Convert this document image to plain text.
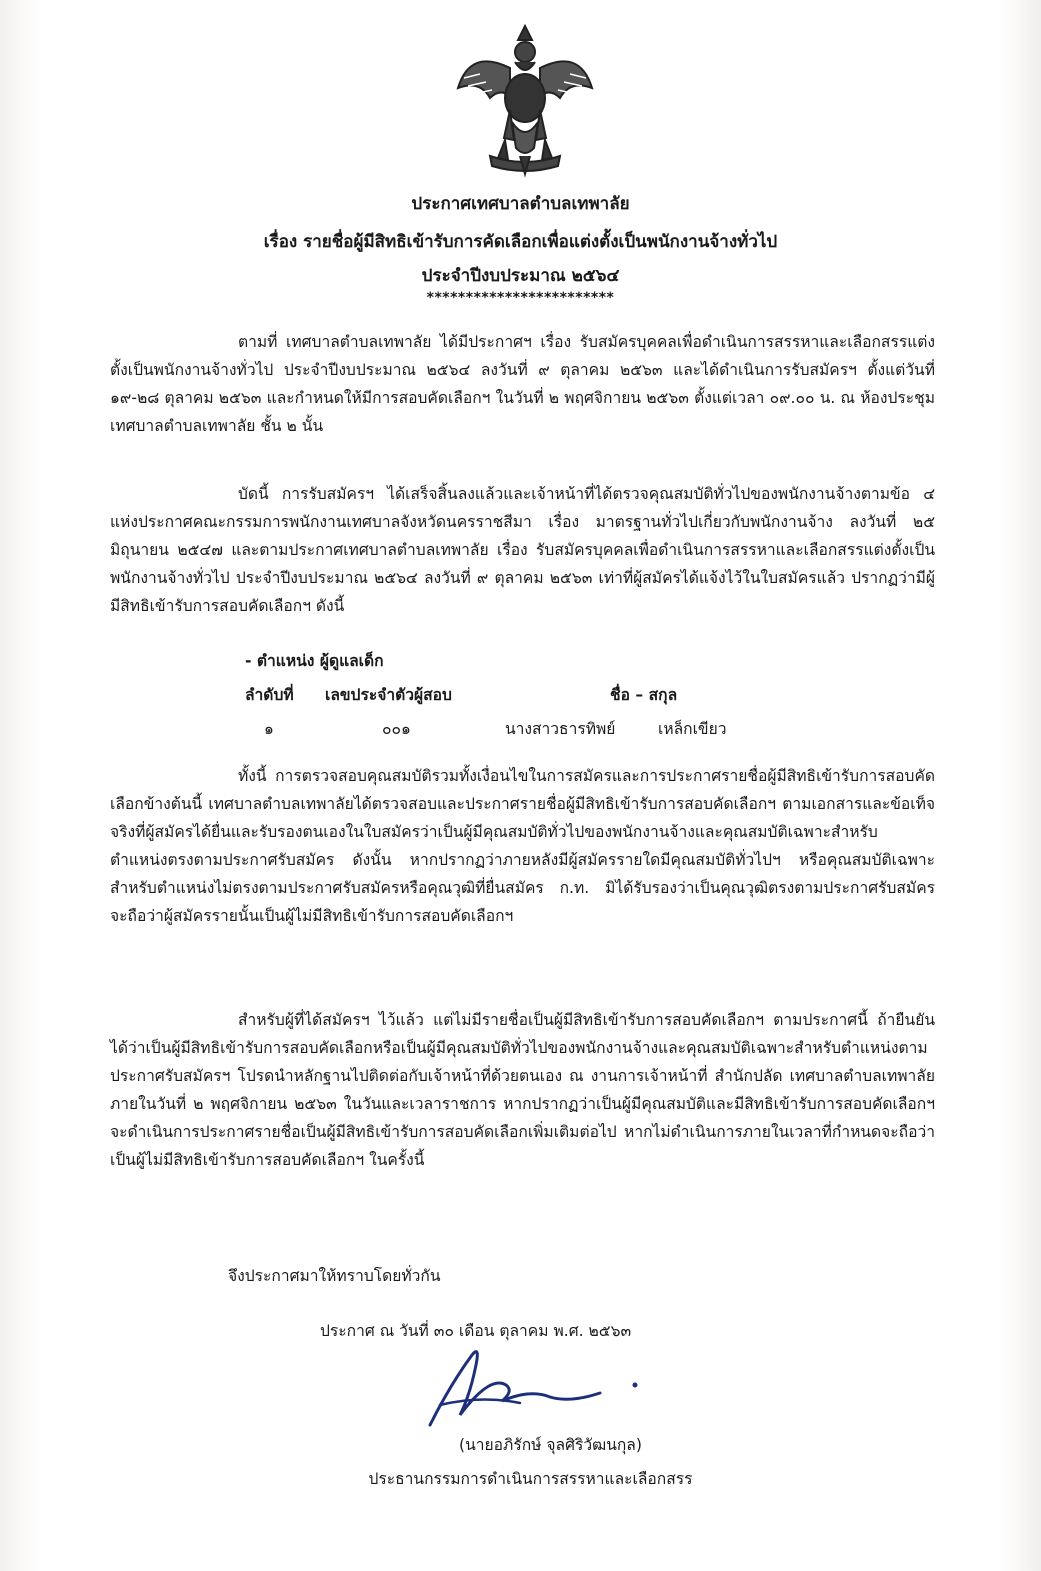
ประกาศเทศบาลตำบลเทพาลัย
เรื่อง รายชื่อผู้มีสิทธิเข้ารับการคัดเลือกเพื่อแต่งตั้งเป็นพนักงานจ้างทั่วไป
ประจำปีงบประมาณ ๒๕๖๔
************************
ตามที่ เทศบาลตำบลเทพาลัย ได้มีประกาศฯ เรื่อง รับสมัครบุคคลเพื่อดำเนินการสรรหาและเลือกสรรแต่งตั้งเป็นพนักงานจ้างทั่วไป ประจำปีงบประมาณ ๒๕๖๔ ลงวันที่ ๙ ตุลาคม ๒๕๖๓ และได้ดำเนินการรับสมัครฯ ตั้งแต่วันที่ ๑๙-๒๘ ตุลาคม ๒๕๖๓ และกำหนดให้มีการสอบคัดเลือกฯ ในวันที่ ๒ พฤศจิกายน ๒๕๖๓ ตั้งแต่เวลา ๐๙.๐๐ น. ณ ห้องประชุมเทศบาลตำบลเทพาลัย ชั้น ๒ นั้น
บัดนี้ การรับสมัครฯ ได้เสร็จสิ้นลงแล้วและเจ้าหน้าที่ได้ตรวจคุณสมบัติทั่วไปของพนักงานจ้างตามข้อ ๔ แห่งประกาศคณะกรรมการพนักงานเทศบาลจังหวัดนครราชสีมา เรื่อง มาตรฐานทั่วไปเกี่ยวกับพนักงานจ้าง ลงวันที่ ๒๕ มิถุนายน ๒๕๔๗ และตามประกาศเทศบาลตำบลเทพาลัย เรื่อง รับสมัครบุคคลเพื่อดำเนินการสรรหาและเลือกสรรแต่งตั้งเป็นพนักงานจ้างทั่วไป ประจำปีงบประมาณ ๒๕๖๔ ลงวันที่ ๙ ตุลาคม ๒๕๖๓ เท่าที่ผู้สมัครได้แจ้งไว้ในใบสมัครแล้ว ปรากฏว่ามีผู้มีสิทธิเข้ารับการสอบคัดเลือกฯ ดังนี้
- ตำแหน่ง ผู้ดูแลเด็ก
ลำดับที่ เลขประจำตัวผู้สอบ	ชื่อ – สกุล
๑	๐๐๑	นางสาวธารทิพย์	เหล็กเขียว
ทั้งนี้ การตรวจสอบคุณสมบัติรวมทั้งเงื่อนไขในการสมัครและการประกาศรายชื่อผู้มีสิทธิเข้ารับการสอบคัดเลือกข้างต้นนี้ เทศบาลตำบลเทพาลัยได้ตรวจสอบและประกาศรายชื่อผู้มีสิทธิเข้ารับการสอบคัดเลือกฯ ตามเอกสารและข้อเท็จจริงที่ผู้สมัครได้ยื่นและรับรองตนเองในใบสมัครว่าเป็นผู้มีคุณสมบัติทั่วไปของพนักงานจ้างและคุณสมบัติเฉพาะสำหรับตำแหน่งตรงตามประกาศรับสมัคร ดังนั้น หากปรากฏว่าภายหลังมีผู้สมัครรายใดมีคุณสมบัติทั่วไปฯ หรือคุณสมบัติเฉพาะสำหรับตำแหน่งไม่ตรงตามประกาศรับสมัครหรือคุณวุฒิที่ยื่นสมัคร ก.ท. มิได้รับรองว่าเป็นคุณวุฒิตรงตามประกาศรับสมัคร จะถือว่าผู้สมัครรายนั้นเป็นผู้ไม่มีสิทธิเข้ารับการสอบคัดเลือกฯ
สำหรับผู้ที่ได้สมัครฯ ไว้แล้ว แต่ไม่มีรายชื่อเป็นผู้มีสิทธิเข้ารับการสอบคัดเลือกฯ ตามประกาศนี้ ถ้ายืนยันได้ว่าเป็นผู้มีสิทธิเข้ารับการสอบคัดเลือกหรือเป็นผู้มีคุณสมบัติทั่วไปของพนักงานจ้างและคุณสมบัติเฉพาะสำหรับตำแหน่งตามประกาศรับสมัครฯ โปรดนำหลักฐานไปติดต่อกับเจ้าหน้าที่ด้วยตนเอง ณ งานการเจ้าหน้าที่ สำนักปลัด เทศบาลตำบลเทพาลัย ภายในวันที่ ๒ พฤศจิกายน ๒๕๖๓ ในวันและเวลาราชการ หากปรากฏว่าเป็นผู้มีคุณสมบัติและมีสิทธิเข้ารับการสอบคัดเลือกฯ จะดำเนินการประกาศรายชื่อเป็นผู้มีสิทธิเข้ารับการสอบคัดเลือกเพิ่มเติมต่อไป หากไม่ดำเนินการภายในเวลาที่กำหนดจะถือว่าเป็นผู้ไม่มีสิทธิเข้ารับการสอบคัดเลือกฯ ในครั้งนี้
จึงประกาศมาให้ทราบโดยทั่วกัน
ประกาศ ณ วันที่ ๓๐ เดือน ตุลาคม พ.ศ. ๒๕๖๓
(นายอภิรักษ์ จุลศิริวัฒนกุล)
ประธานกรรมการดำเนินการสรรหาและเลือกสรร
